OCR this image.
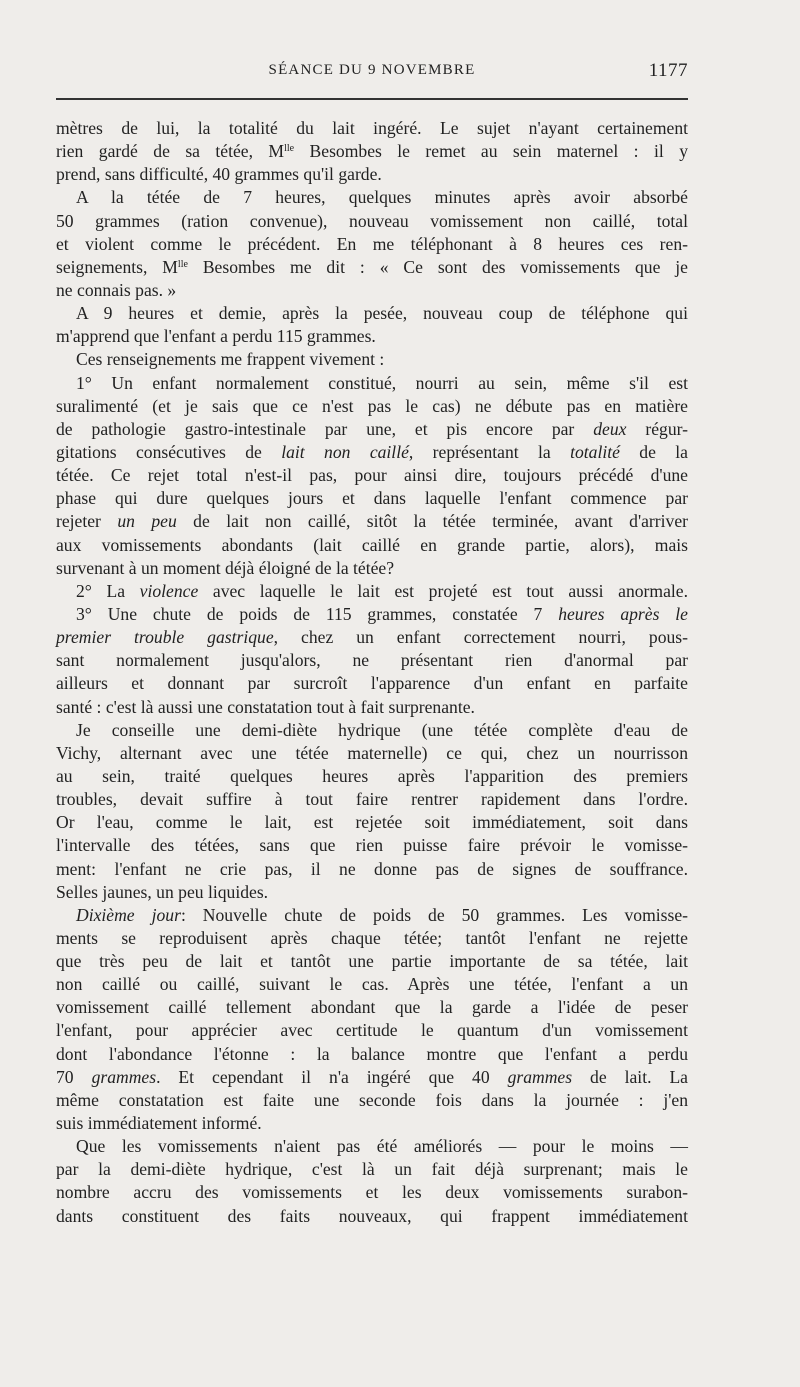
SÉANCE DU 9 NOVEMBRE	1177
mètres de lui, la totalité du lait ingéré. Le sujet n'ayant certainement
rien gardé de sa tétée, $M^{lle}$ Besombes le remet au sein maternel : il y
prend, sans difficulté, 40 grammes qu'il garde.
A la tétée de 7 heures, quelques minutes après avoir absorbé
50 grammes (ration convenue), nouveau vomissement non caillé, total
et violent comme le précédent. En me téléphonant à 8 heures ces ren-
seignements, $M^{lle}$ Besombes me dit : « Ce sont des vomissements que je
ne connais pas. »
A 9 heures et demie, après la pesée, nouveau coup de téléphone qui
m'apprend que l'enfant a perdu 115 grammes.
Ces renseignements me frappent vivement :
1° Un enfant normalement constitué, nourri au sein, même s'il est
suralimenté (et je sais que ce n'est pas le cas) ne débute pas en matière
de pathologie gastro-intestinale par une, et pis encore par deux régur-
gitations consécutives de lait non caillé, représentant la totalité de la
tétée. Ce rejet total n'est-il pas, pour ainsi dire, toujours précédé d'une
phase qui dure quelques jours et dans laquelle l'enfant commence par
rejeter un peu de lait non caillé, sitôt la tétée terminée, avant d'arriver
aux vomissements abondants (lait caillé en grande partie, alors), mais
survenant à un moment déjà éloigné de la tétée?
2° La violence avec laquelle le lait est projeté est tout aussi anormale.
3° Une chute de poids de 115 grammes, constatée 7 heures après le
premier trouble gastrique, chez un enfant correctement nourri, pous-
sant normalement jusqu'alors, ne présentant rien d'anormal par
ailleurs et donnant par surcroît l'apparence d'un enfant en parfaite
santé : c'est là aussi une constatation tout à fait surprenante.
Je conseille une demi-diète hydrique (une tétée complète d'eau de
Vichy, alternant avec une tétée maternelle) ce qui, chez un nourrisson
au sein, traité quelques heures après l'apparition des premiers
troubles, devait suffire à tout faire rentrer rapidement dans l'ordre.
Or l'eau, comme le lait, est rejetée soit immédiatement, soit dans
l'intervalle des tétées, sans que rien puisse faire prévoir le vomisse-
ment: l'enfant ne crie pas, il ne donne pas de signes de souffrance.
Selles jaunes, un peu liquides.
Dixième jour: Nouvelle chute de poids de 50 grammes. Les vomisse-
ments se reproduisent après chaque tétée; tantôt l'enfant ne rejette
que très peu de lait et tantôt une partie importante de sa tétée, lait
non caillé ou caillé, suivant le cas. Après une tétée, l'enfant a un
vomissement caillé tellement abondant que la garde a l'idée de peser
l'enfant, pour apprécier avec certitude le quantum d'un vomissement
dont l'abondance l'étonne : la balance montre que l'enfant a perdu
70 grammes. Et cependant il n'a ingéré que 40 grammes de lait. La
même constatation est faite une seconde fois dans la journée : j'en
suis immédiatement informé.
Que les vomissements n'aient pas été améliorés — pour le moins —
par la demi-diète hydrique, c'est là un fait déjà surprenant; mais le
nombre accru des vomissements et les deux vomissements surabon-
dants constituent des faits nouveaux, qui frappent immédiatement
